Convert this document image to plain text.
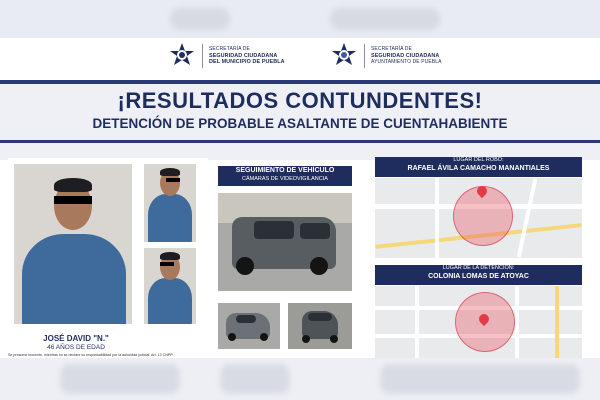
SECRETARÍA DE
SEGURIDAD CIUDADANA
DEL MUNICIPIO DE PUEBLA
SECRETARÍA DE
SEGURIDAD CIUDADANA
AYUNTAMIENTO DE PUEBLA
¡RESULTADOS CONTUNDENTES!
DETENCIÓN DE PROBABLE ASALTANTE DE CUENTAHABIENTE
JOSÉ DAVID "N."
46 AÑOS DE EDAD
Se presume inocente, mientras no se declare su responsabilidad por la autoridad judicial. Art. 13 CNPP
SEGUIMIENTO DE VEHÍCULO
CÁMARAS DE VIDEOVIGILANCIA
LUGAR DEL ROBO:
RAFAEL ÁVILA CAMACHO MANANTIALES
LUGAR DE LA DETENCIÓN:
COLONIA LOMAS DE ATOYAC
